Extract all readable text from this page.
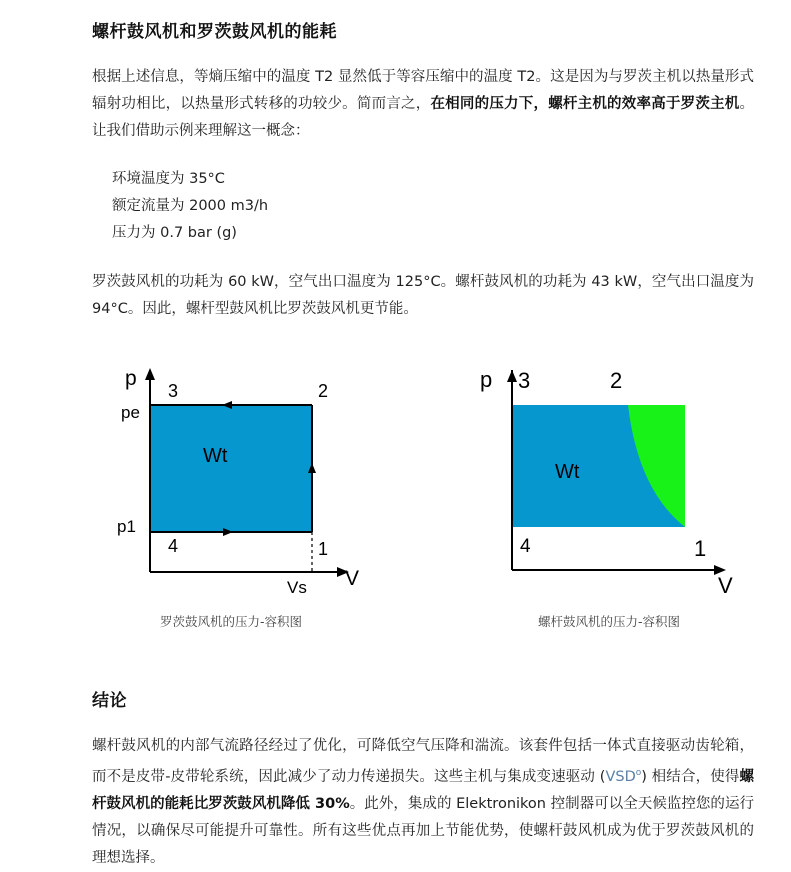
螺杆鼓风机和罗茨鼓风机的能耗
根据上述信息，等熵压缩中的温度 T2 显然低于等容压缩中的温度 T2。这是因为与罗茨主机以热量形式辐射功相比，以热量形式转移的功较少。简而言之，在相同的压力下，螺杆主机的效率高于罗茨主机。让我们借助示例来理解这一概念：
环境温度为 35°C
额定流量为 2000 m3/h
压力为 0.7 bar (g)
罗茨鼓风机的功耗为 60 kW，空气出口温度为 125°C。螺杆鼓风机的功耗为 43 kW，空气出口温度为 94°C。因此，螺杆型鼓风机比罗茨鼓风机更节能。
p
V
pe
p1
Vs
3	2
4	1
Wt
罗茨鼓风机的压力-容积图
p
V
3	2
4	1
Wt
螺杆鼓风机的压力-容积图
结论
螺杆鼓风机的内部气流路径经过了优化，可降低空气压降和湍流。该套件包括一体式直接驱动齿轮箱，而不是皮带-皮带轮系统，因此减少了动力传递损失。这些主机与集成变速驱动 (VSD$^o$) 相结合，使得螺杆鼓风机的能耗比罗茨鼓风机降低 30%。此外，集成的 Elektronikon 控制器可以全天候监控您的运行情况，以确保尽可能提升可靠性。所有这些优点再加上节能优势，使螺杆鼓风机成为优于罗茨鼓风机的理想选择。
